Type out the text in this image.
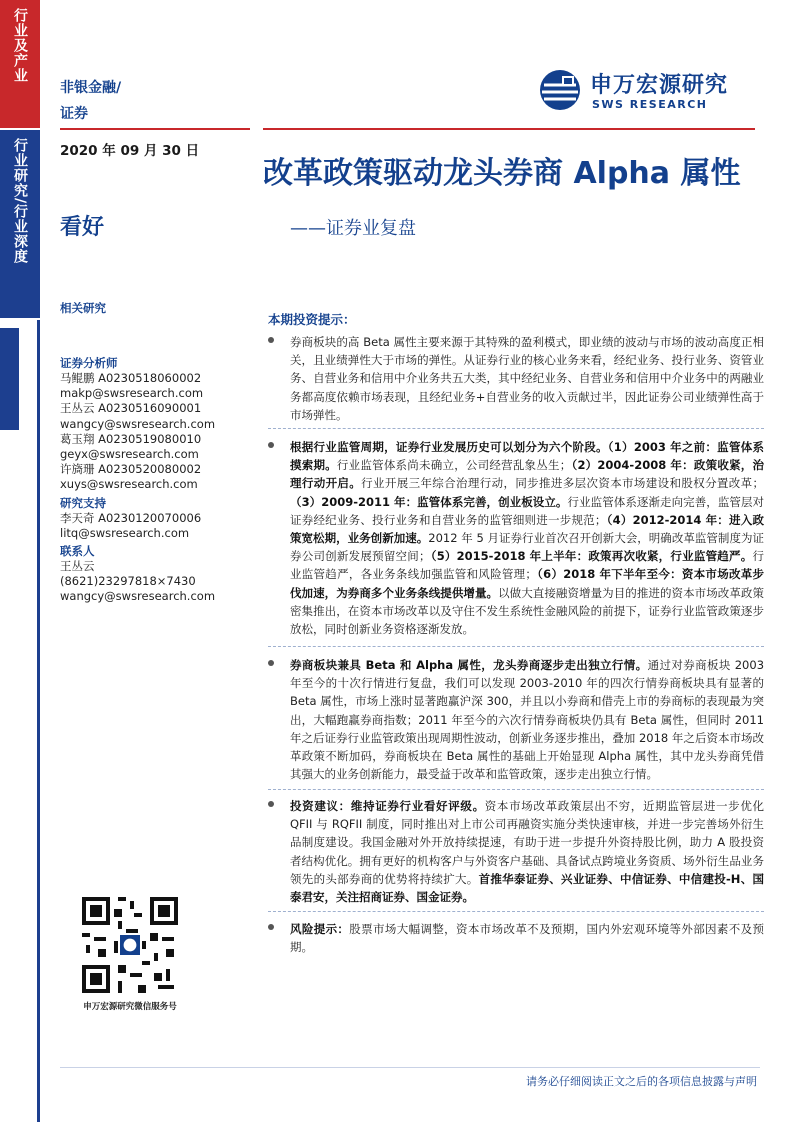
行业及产业
行业研究/行业深度
证券研究报告
非银金融/
证券
申万宏源研究
SWS RESEARCH
2020 年 09 月 30 日
看好
相关研究
改革政策驱动龙头券商 Alpha 属性
——证券业复盘
证券分析师
马鲲鹏 A0230518060002
makp@swsresearch.com
王丛云 A0230516090001
wangcy@swsresearch.com
葛玉翔 A0230519080010
geyx@swsresearch.com
许旖珊 A0230520080002
xuys@swsresearch.com
研究支持
李天奇 A0230120070006
litq@swsresearch.com
联系人
王丛云
(8621)23297818×7430
wangcy@swsresearch.com
申万宏源研究微信服务号
本期投资提示：
券商板块的高 Beta 属性主要来源于其特殊的盈利模式，即业绩的波动与市场的波动高度正相关，且业绩弹性大于市场的弹性。从证券行业的核心业务来看，经纪业务、投行业务、资管业务、自营业务和信用中介业务共五大类，其中经纪业务、自营业务和信用中介业务中的两融业务都高度依赖市场表现，且经纪业务+自营业务的收入贡献过半，因此证券公司业绩弹性高于市场弹性。
根据行业监管周期，证券行业发展历史可以划分为六个阶段。（1）2003 年之前：监管体系摸索期。行业监管体系尚未确立，公司经营乱象丛生；（2）2004-2008 年：政策收紧，治理行动开启。行业开展三年综合治理行动，同步推进多层次资本市场建设和股权分置改革；（3）2009-2011 年：监管体系完善，创业板设立。行业监管体系逐渐走向完善，监管层对证券经纪业务、投行业务和自营业务的监管细则进一步规范；（4）2012-2014 年：进入政策宽松期，业务创新加速。2012 年 5 月证券行业首次召开创新大会，明确改革监管制度为证券公司创新发展预留空间；（5）2015-2018 年上半年：政策再次收紧，行业监管趋严。行业监管趋严，各业务条线加强监管和风险管理；（6）2018 年下半年至今：资本市场改革步伐加速，为券商多个业务条线提供增量。以做大直接融资增量为目的推进的资本市场改革政策密集推出，在资本市场改革以及守住不发生系统性金融风险的前提下，证券行业监管政策逐步放松，同时创新业务资格逐渐发放。
券商板块兼具 Beta 和 Alpha 属性，龙头券商逐步走出独立行情。通过对券商板块 2003 年至今的十次行情进行复盘，我们可以发现 2003-2010 年的四次行情券商板块具有显著的 Beta 属性，市场上涨时显著跑赢沪深 300，并且以小券商和借壳上市的券商标的表现最为突出，大幅跑赢券商指数；2011 年至今的六次行情券商板块仍具有 Beta 属性，但同时 2011 年之后证券行业监管政策出现周期性波动，创新业务逐步推出，叠加 2018 年之后资本市场改革政策不断加码，券商板块在 Beta 属性的基础上开始显现 Alpha 属性，其中龙头券商凭借其强大的业务创新能力，最受益于改革和监管政策，逐步走出独立行情。
投资建议：维持证券行业看好评级。资本市场改革政策层出不穷，近期监管层进一步优化 QFII 与 RQFII 制度，同时推出对上市公司再融资实施分类快速审核，并进一步完善场外衍生品制度建设。我国金融对外开放持续提速，有助于进一步提升外资持股比例，助力 A 股投资者结构优化。拥有更好的机构客户与外资客户基础、具备试点跨境业务资质、场外衍生品业务领先的头部券商的优势将持续扩大。首推华泰证券、兴业证券、中信证券、中信建投-H、国泰君安，关注招商证券、国金证券。
风险提示：股票市场大幅调整，资本市场改革不及预期，国内外宏观环境等外部因素不及预期。
请务必仔细阅读正文之后的各项信息披露与声明
